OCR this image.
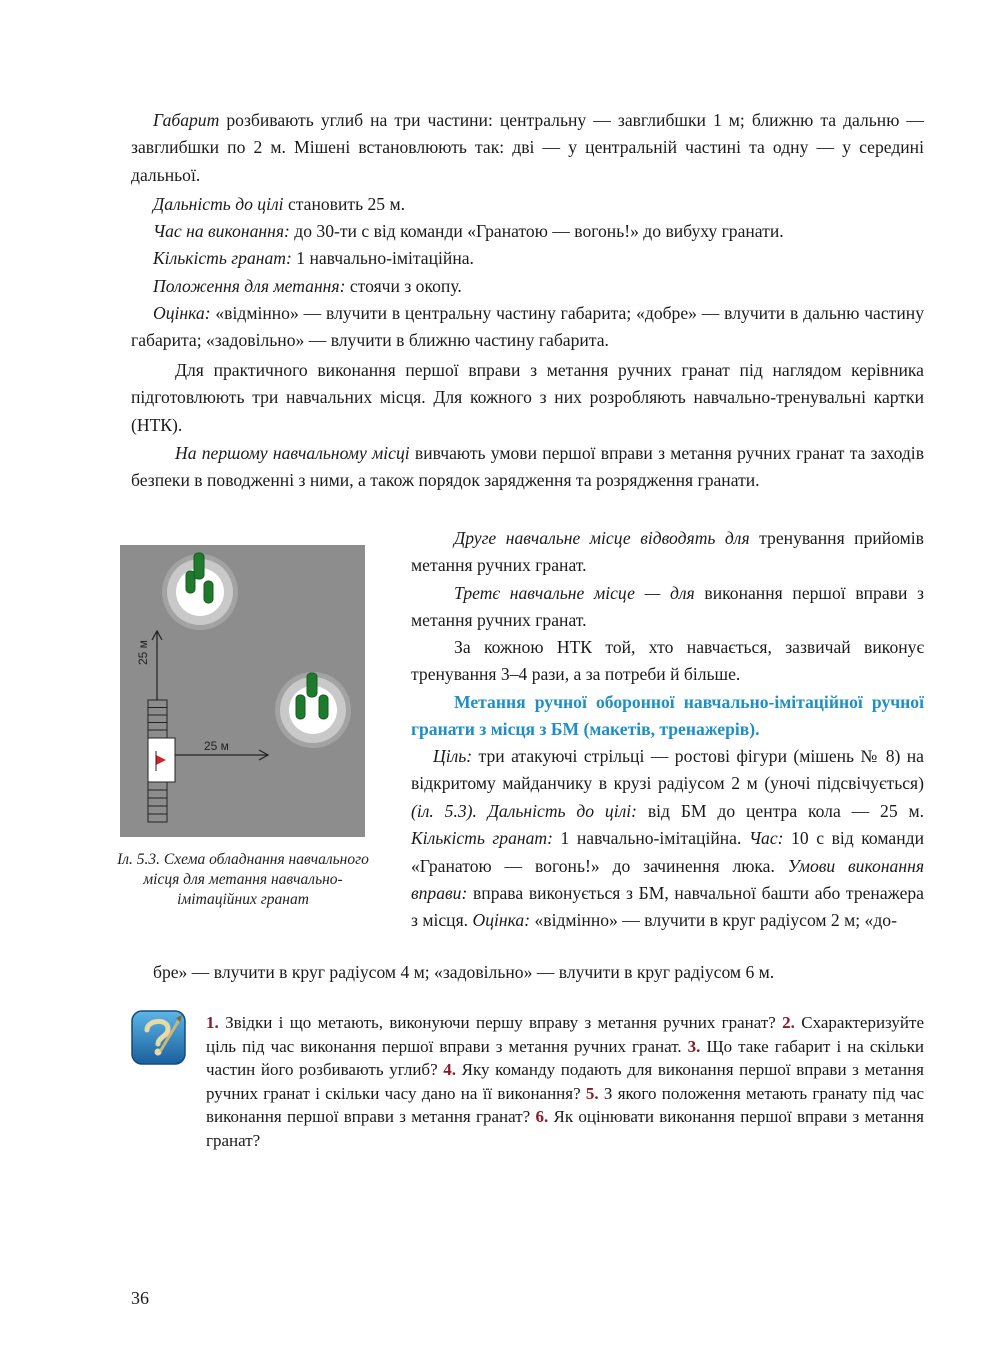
Габарит розбивають углиб на три частини: центральну — завглибшки 1 м; ближню та дальню — завглибшки по 2 м. Мішені встановлюють так: дві — у центральній частині та одну — у середині дальньої.

Дальність до цілі становить 25 м.

Час на виконання: до 30-ти с від команди «Гранатою — вогонь!» до вибуху гранати.

Кількість гранат: 1 навчально-імітаційна.

Положення для метання: стоячи з окопу.

Оцінка: «відмінно» — влучити в центральну частину габарита; «добре» — влучити в дальню частину габарита; «задовільно» — влучити в ближню частину габарита.

Для практичного виконання першої вправи з метання ручних гранат під наглядом керівника підготовлюють три навчальних місця. Для кожного з них розробляють навчально-тренувальні картки (НТК).

На першому навчальному місці вивчають умови першої вправи з метання ручних гранат та заходів безпеки в поводженні з ними, а також порядок зарядження та розрядження гранати.

25 м
25 м
Іл. 5.3. Схема обладнання навчального місця для метання навчально-імітаційних гранат

Друге навчальне місце відводять для тренування прийомів метання ручних гранат.

Третє навчальне місце — для виконання першої вправи з метання ручних гранат.

За кожною НТК той, хто навчається, зазвичай виконує тренування 3–4 рази, а за потреби й більше.

Метання ручної оборонної навчально-імітаційної ручної гранати з місця з БМ (макетів, тренажерів).

Ціль: три атакуючі стрільці — ростові фігури (мішень № 8) на відкритому майданчику в крузі радіусом 2 м (уночі підсвічується) (іл. 5.3). Дальність до цілі: від БМ до центра кола — 25 м. Кількість гранат: 1 навчально-імітаційна. Час: 10 с від команди «Гранатою — вогонь!» до зачинення люка. Умови виконання вправи: вправа виконується з БМ, навчальної башти або тренажера з місця. Оцінка: «відмінно» — влучити в круг радіусом 2 м; «до-

бре» — влучити в круг радіусом 4 м; «задовільно» — влучити в круг радіусом 6 м.

1. Звідки і що метають, виконуючи першу вправу з метання ручних гранат? 2. Схарактеризуйте ціль під час виконання першої вправи з метання ручних гранат. 3. Що таке габарит і на скільки частин його розбивають углиб? 4. Яку команду подають для виконання першої вправи з метання ручних гранат і скільки часу дано на її виконання? 5. З якого положення метають гранату під час виконання першої вправи з метання гранат? 6. Як оцінювати виконання першої вправи з метання гранат?

36
